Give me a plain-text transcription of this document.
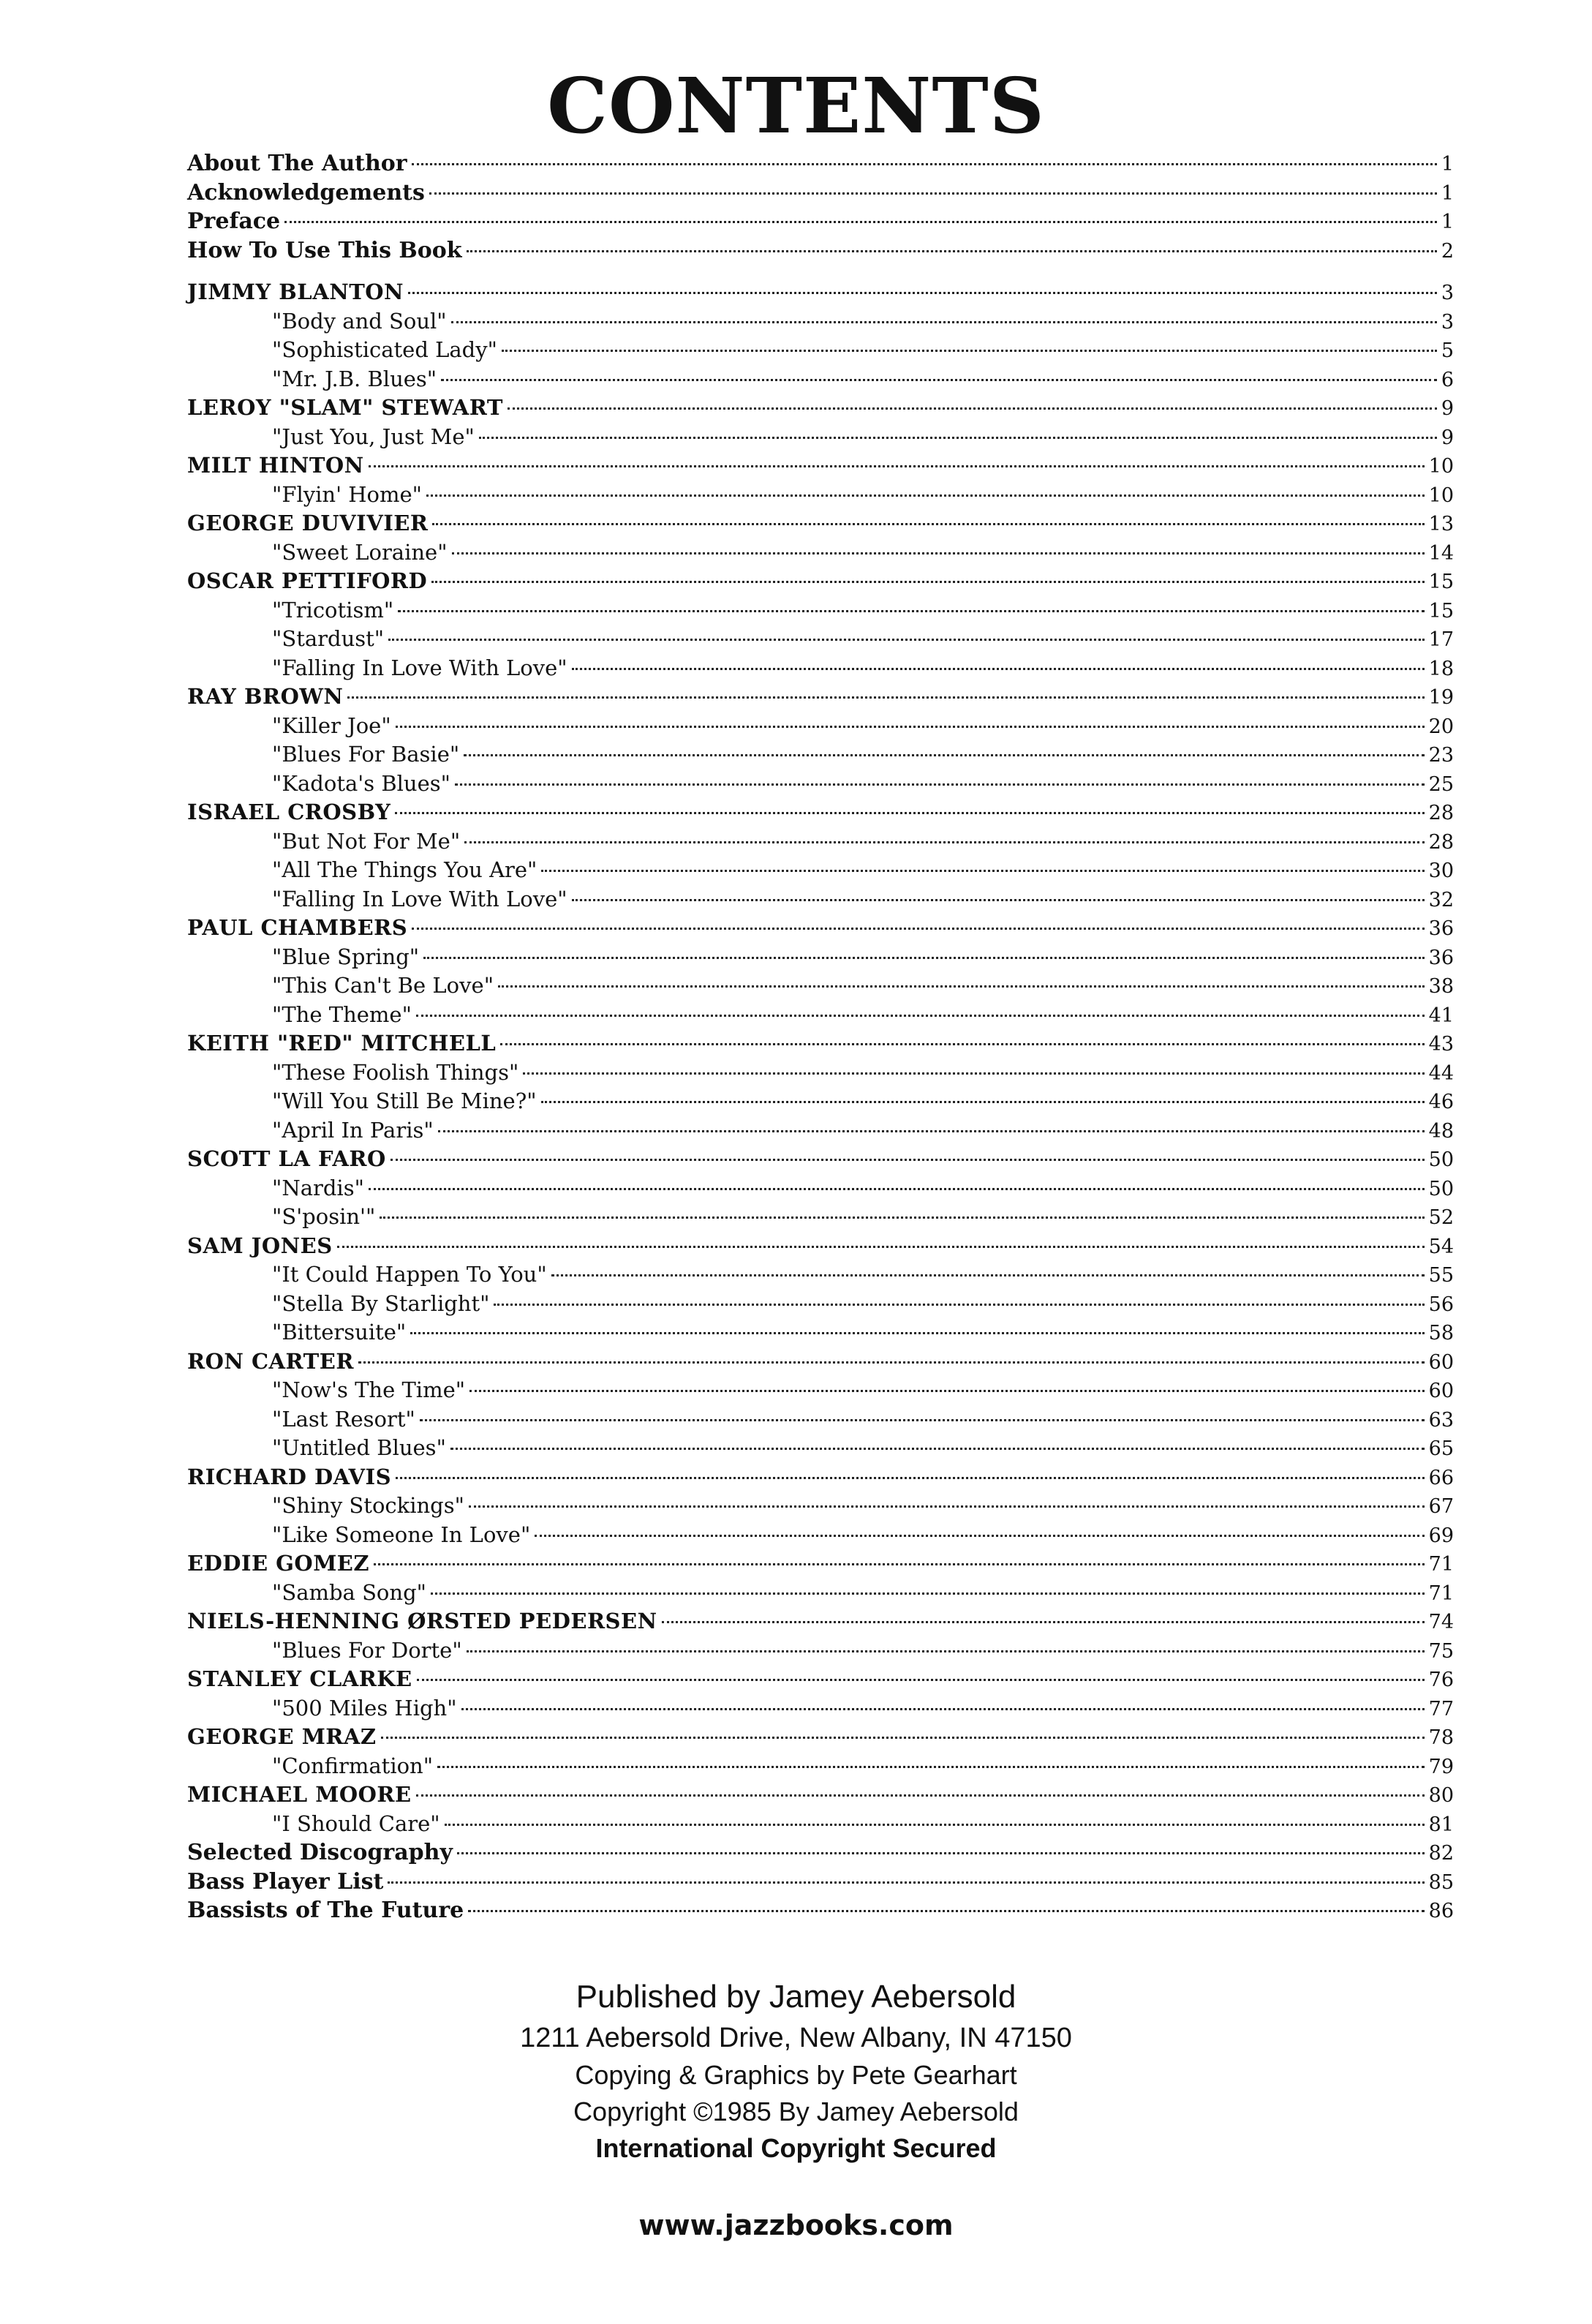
CONTENTS
About The Author	1
Acknowledgements	1
Preface	1
How To Use This Book	2
JIMMY BLANTON	3
"Body and Soul"	3
"Sophisticated Lady"	5
"Mr. J.B. Blues"	6
LEROY "SLAM" STEWART	9
"Just You, Just Me"	9
MILT HINTON	10
"Flyin' Home"	10
GEORGE DUVIVIER	13
"Sweet Loraine"	14
OSCAR PETTIFORD	15
"Tricotism"	15
"Stardust"	17
"Falling In Love With Love"	18
RAY BROWN	19
"Killer Joe"	20
"Blues For Basie"	23
"Kadota's Blues"	25
ISRAEL CROSBY	28
"But Not For Me"	28
"All The Things You Are"	30
"Falling In Love With Love"	32
PAUL CHAMBERS	36
"Blue Spring"	36
"This Can't Be Love"	38
"The Theme"	41
KEITH "RED" MITCHELL	43
"These Foolish Things"	44
"Will You Still Be Mine?"	46
"April In Paris"	48
SCOTT LA FARO	50
"Nardis"	50
"S'posin'"	52
SAM JONES	54
"It Could Happen To You"	55
"Stella By Starlight"	56
"Bittersuite"	58
RON CARTER	60
"Now's The Time"	60
"Last Resort"	63
"Untitled Blues"	65
RICHARD DAVIS	66
"Shiny Stockings"	67
"Like Someone In Love"	69
EDDIE GOMEZ	71
"Samba Song"	71
NIELS-HENNING ØRSTED PEDERSEN	74
"Blues For Dorte"	75
STANLEY CLARKE	76
"500 Miles High"	77
GEORGE MRAZ	78
"Confirmation"	79
MICHAEL MOORE	80
"I Should Care"	81
Selected Discography	82
Bass Player List	85
Bassists of The Future	86
Published by Jamey Aebersold
1211 Aebersold Drive, New Albany, IN 47150
Copying & Graphics by Pete Gearhart
Copyright ©1985 By Jamey Aebersold
International Copyright Secured
www.jazzbooks.com
